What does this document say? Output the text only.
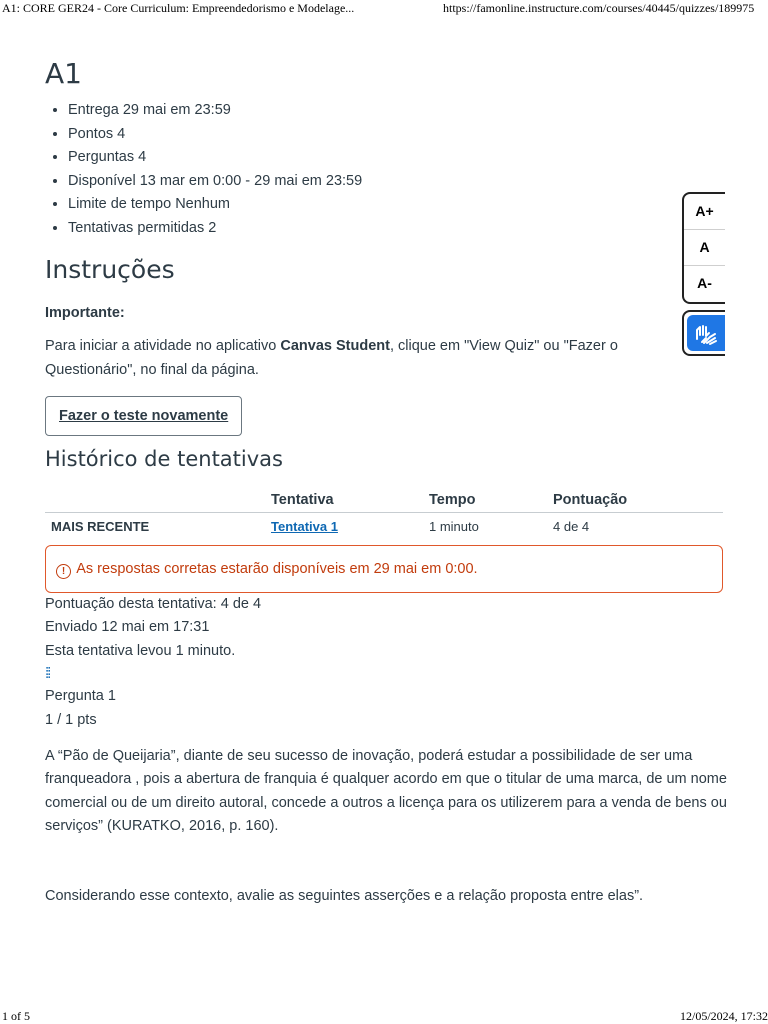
A1: CORE GER24 - Core Curriculum: Empreendedorismo e Modelage...	https://famonline.instructure.com/courses/40445/quizzes/189975
A1
• Entrega 29 mai em 23:59
• Pontos 4
• Perguntas 4
• Disponível 13 mar em 0:00 - 29 mai em 23:59
• Limite de tempo Nenhum
• Tentativas permitidas 2
Instruções
Importante:
Para iniciar a atividade no aplicativo Canvas Student, clique em "View Quiz" ou "Fazer o Questionário", no final da página.
Fazer o teste novamente
Histórico de tentativas
	Tentativa	Tempo	Pontuação
MAIS RECENTE	Tentativa 1	1 minuto	4 de 4
! As respostas corretas estarão disponíveis em 29 mai em 0:00.
Pontuação desta tentativa: 4 de 4
Enviado 12 mai em 17:31
Esta tentativa levou 1 minuto.
⁞⁞
Pergunta 1
1 / 1 pts

A “Pão de Queijaria”, diante de seu sucesso de inovação, poderá estudar a possibilidade de ser uma franqueadora , pois a abertura de franquia é qualquer acordo em que o titular de uma marca, de um nome comercial ou de um direito autoral, concede a outros a licença para os utilizerem para a venda de bens ou serviços” (KURATKO, 2016, p. 160).

Considerando esse contexto, avalie as seguintes asserções e a relação proposta entre elas”.

A+
A
A-
1 of 5	12/05/2024, 17:32
